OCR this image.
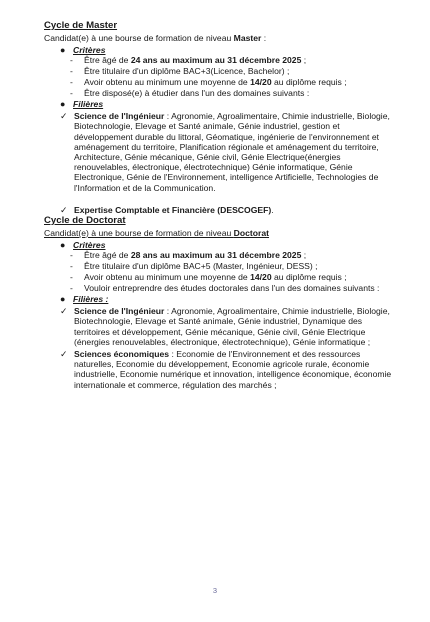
Cycle de Master
Candidat(e) à une bourse de formation de niveau Master :
● Critères
-	Être âgé de 24 ans au maximum au 31 décembre 2025 ;
-	Être titulaire d'un diplôme BAC+3(Licence, Bachelor) ;
-	Avoir obtenu au minimum une moyenne de 14/20 au diplôme requis ;
-	Être disposé(e) à étudier dans l'un des domaines suivants :
● Filières
✓ Science de l'Ingénieur : Agronomie, Agroalimentaire, Chimie industrielle, Biologie, Biotechnologie, Elevage et Santé animale, Génie industriel, gestion et développement durable du littoral, Géomatique, ingénierie de l'environnement et aménagement du territoire, Planification régionale et aménagement du territoire, Architecture, Génie mécanique, Génie civil, Génie Electrique(énergies renouvelables, électronique, électrotechnique) Génie informatique, Génie Electronique, Génie de l'Environnement, intelligence Artificielle, Technologies de l'Information et de la Communication.
✓ Expertise Comptable et Financière (DESCOGEF).
Cycle de Doctorat
Candidat(e) à une bourse de formation de niveau Doctorat
● Critères
-	Être âgé de 28 ans au maximum au 31 décembre 2025 ;
-	Être titulaire d'un diplôme BAC+5 (Master, Ingénieur, DESS) ;
-	Avoir obtenu au minimum une moyenne de 14/20 au diplôme requis ;
-	Vouloir entreprendre des études doctorales dans l'un des domaines suivants :
● Filières :
✓ Science de l'Ingénieur : Agronomie, Agroalimentaire, Chimie industrielle, Biologie, Biotechnologie, Elevage et Santé animale, Génie industriel, Dynamique des territoires et développement, Génie mécanique, Génie civil, Génie Electrique (énergies renouvelables, électronique, électrotechnique), Génie informatique ;
✓ Sciences économiques : Economie de l'Environnement et des ressources naturelles, Economie du développement, Economie agricole rurale, économie industrielle, Economie numérique et innovation, intelligence économique, économie internationale et commerce, régulation des marchés ;
3
